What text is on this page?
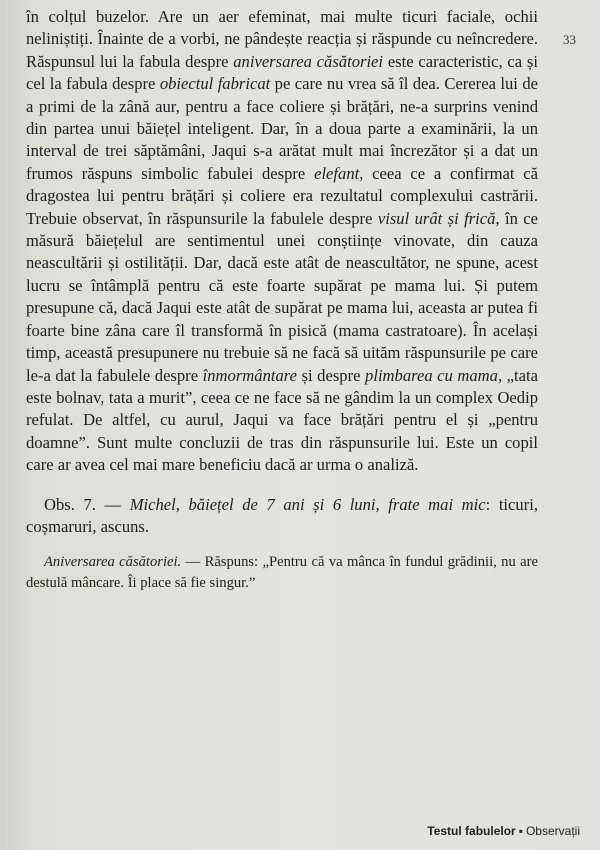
33

în colțul buzelor. Are un aer efeminat, mai multe ticuri faciale, ochii neliniștiți. Înainte de a vorbi, ne pândește reacția și răspunde cu neîncredere. Răspunsul lui la fabula despre aniversarea căsătoriei este caracteristic, ca și cel la fabula despre obiectul fabricat pe care nu vrea să îl dea. Cererea lui de a primi de la zână aur, pentru a face coliere și brățări, ne-a surprins venind din partea unui băiețel inteligent. Dar, în a doua parte a examinării, la un interval de trei săptămâni, Jaqui s-a arătat mult mai încrezător și a dat un frumos răspuns simbolic fabulei despre elefant, ceea ce a confirmat că dragostea lui pentru brățări și coliere era rezultatul complexului castrării. Trebuie observat, în răspunsurile la fabulele despre visul urât și frică, în ce măsură băiețelul are sentimentul unei conștiințe vinovate, din cauza neascultării și ostilității. Dar, dacă este atât de neascultător, ne spune, acest lucru se întâmplă pentru că este foarte supărat pe mama lui. Și putem presupune că, dacă Jaqui este atât de supărat pe mama lui, aceasta ar putea fi foarte bine zâna care îl transformă în pisică (mama castratoare). În același timp, această presupunere nu trebuie să ne facă să uităm răspunsurile pe care le-a dat la fabulele despre înmormântare și despre plimbarea cu mama, „tata este bolnav, tata a murit”, ceea ce ne face să ne gândim la un complex Oedip refulat. De altfel, cu aurul, Jaqui va face brățări pentru el și „pentru doamne”. Sunt multe concluzii de tras din răspunsurile lui. Este un copil care ar avea cel mai mare beneficiu dacă ar urma o analiză.

Obs. 7. — Michel, băiețel de 7 ani și 6 luni, frate mai mic: ticuri, coșmaruri, ascuns.

Aniversarea căsătoriei. — Răspuns: „Pentru că va mânca în fundul grădinii, nu are destulă mâncare. Îi place să fie singur.”

Testul fabulelor ▪ Observații
